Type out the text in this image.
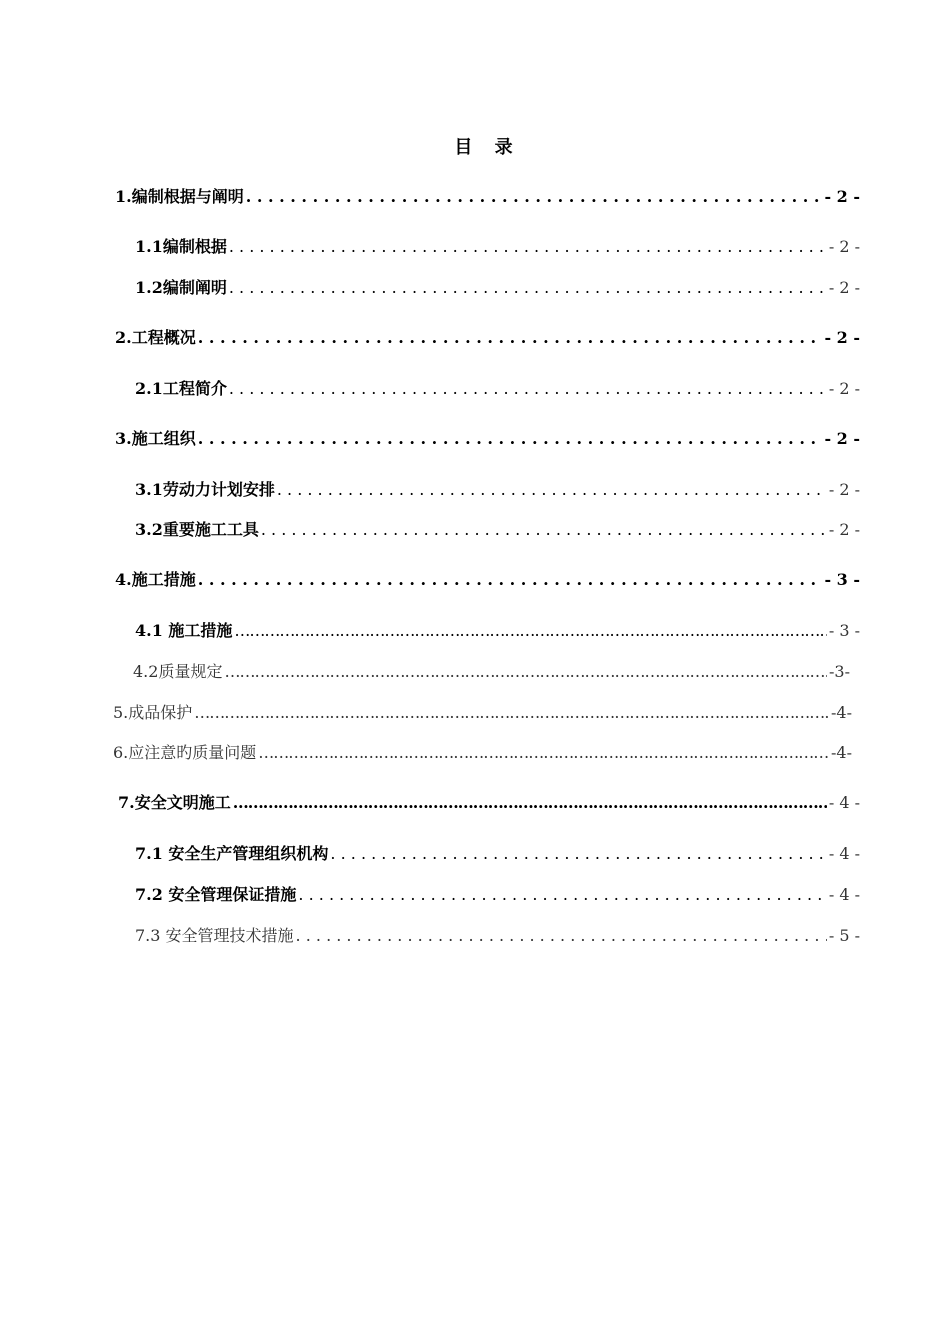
目 录
1.编制根据与阐明 . . .	- 2 -
1.1编制根据 . . .	- 2 -
1.2编制阐明 . . .	- 2 -
2.工程概况 . . .	- 2 -
2.1工程简介 . . .	- 2 -
3.施工组织 . . .	- 2 -
3.1劳动力计划安排 . . .	- 2 -
3.2重要施工工具 . . .	- 2 -
4.施工措施 . . .	- 3 -
4.1 施工措施 …………………………………………………………………………………………………………………………………………………………………………………………………………	- 3 -
4.2质量规定 …………………………………………………………………………………………………………………………………………………………………………………………………………	-3-
5.成品保护 …………………………………………………………………………………………………………………………………………………………………………………………………………	-4-
6.应注意旳质量问题 …………………………………………………………………………………………………………………………………………………………………………………………………………	-4-
7.安全文明施工 …………………………………………………………………………………………………………………………………………………………………………………………………………	- 4 -
7.1 安全生产管理组织机构 . . .	- 4 -
7.2 安全管理保证措施 . . .	- 4 -
7.3 安全管理技术措施 . . .	- 5 -
